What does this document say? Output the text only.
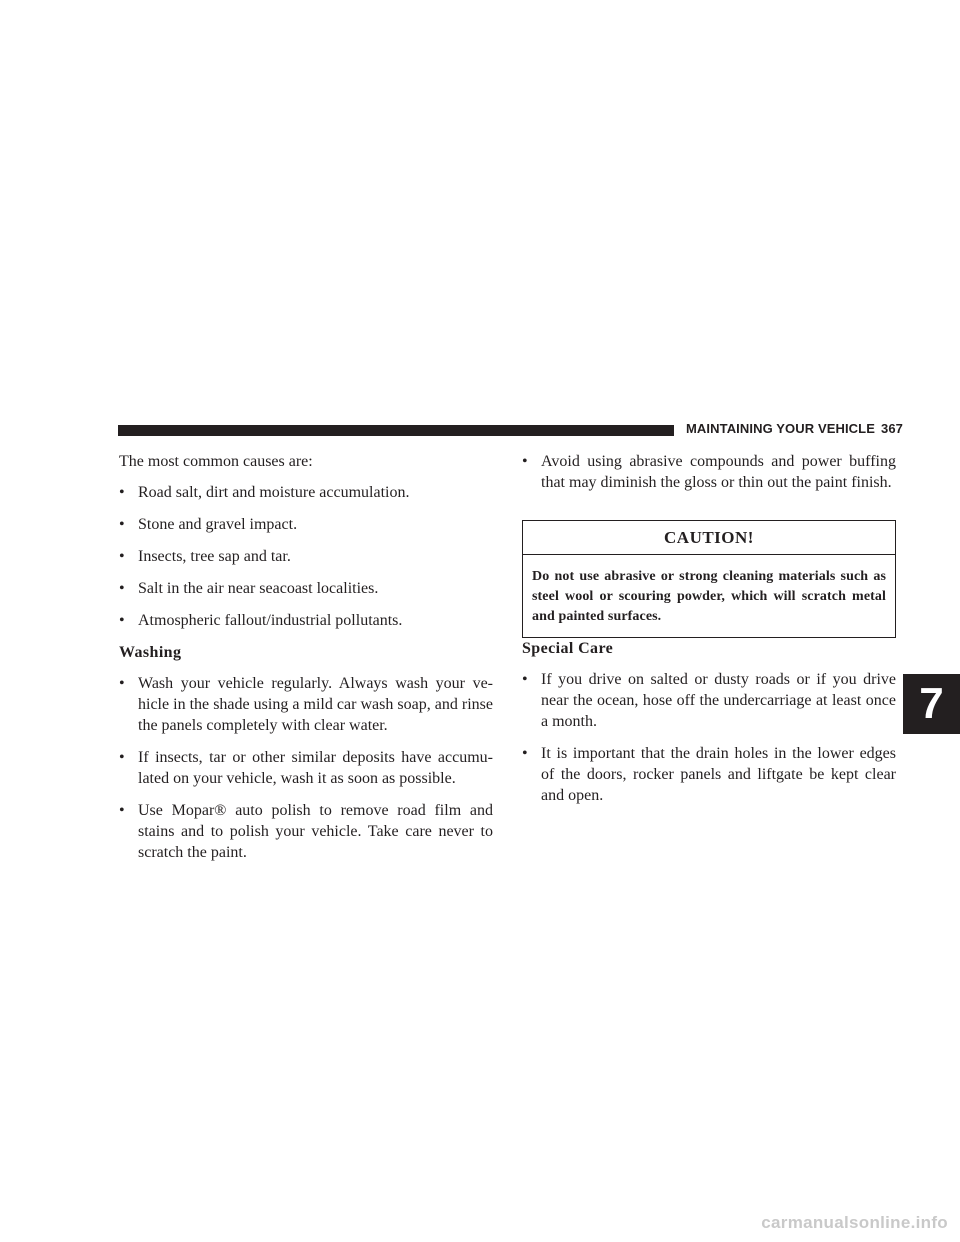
MAINTAINING YOUR VEHICLE 367

The most common causes are:

• Road salt, dirt and moisture accumulation.
• Stone and gravel impact.
• Insects, tree sap and tar.
• Salt in the air near seacoast localities.
• Atmospheric fallout/industrial pollutants.
Washing
• Wash your vehicle regularly. Always wash your ve-hicle in the shade using a mild car wash soap, and rinse the panels completely with clear water.
• If insects, tar or other similar deposits have accumu-lated on your vehicle, wash it as soon as possible.
• Use Mopar® auto polish to remove road film and stains and to polish your vehicle. Take care never to scratch the paint.
• Avoid using abrasive compounds and power buffing that may diminish the gloss or thin out the paint finish.
CAUTION!
Do not use abrasive or strong cleaning materials such as steel wool or scouring powder, which will scratch metal and painted surfaces.
Special Care
• If you drive on salted or dusty roads or if you drive near the ocean, hose off the undercarriage at least once a month.
• It is important that the drain holes in the lower edges of the doors, rocker panels and liftgate be kept clear and open.
7
carmanualsonline.info
